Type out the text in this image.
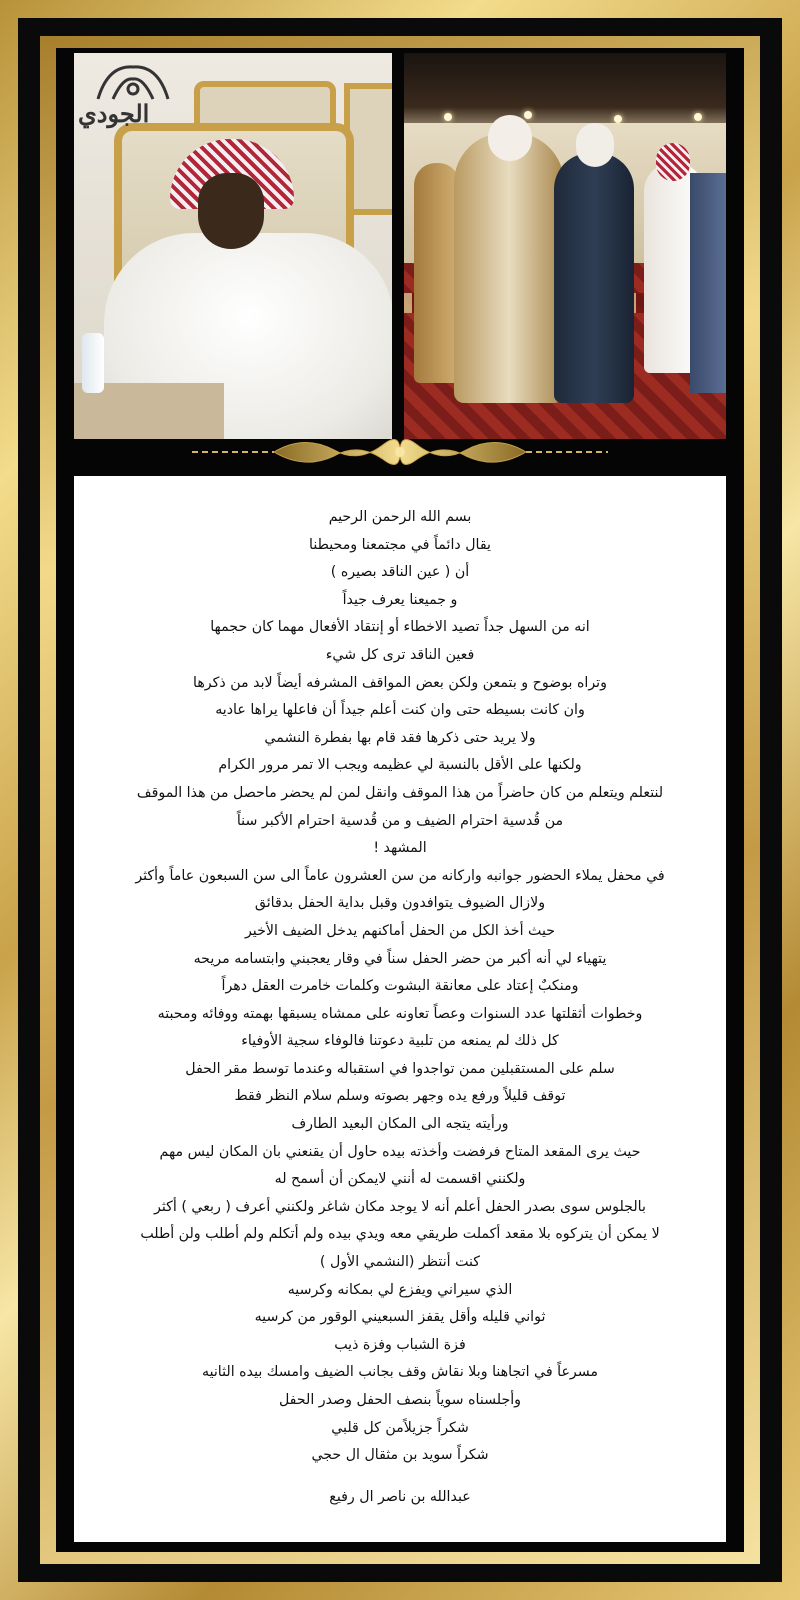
الجودي
بسم الله الرحمن الرحيم
يقال دائماً في مجتمعنا ومحيطنا
أن ( عين الناقد بصيره )
و جميعنا يعرف جيداً
انه من السهل جداً تصيد الاخطاء أو إنتقاد الأفعال مهما كان حجمها
فعين الناقد ترى كل شيء
وتراه بوضوح و بتمعن ولكن بعض المواقف المشرفه أيضاً لابد من ذكرها
وان كانت بسيطه حتى وان كنت أعلم جيداً أن فاعلها يراها عاديه
ولا يريد حتى ذكرها فقد قام بها بفطرة النشمي
ولكنها على الأقل بالنسبة لي عظيمه ويجب الا تمر مرور الكرام
لنتعلم ويتعلم من كان حاضراً من هذا الموقف وانقل لمن لم يحضر ماحصل من هذا الموقف
من قُدسية احترام الضيف و من قُدسية احترام الأكبر سناً
المشهد !
في محفل يملاء الحضور جوانبه واركانه من سن العشرون عاماً الى سن السبعون عاماً وأكثر
ولازال الضيوف يتوافدون وقبل بداية الحفل بدقائق
حيث أخذ الكل من الحفل أماكنهم يدخل الضيف الأخير
يتهياء لي أنه أكبر من حضر الحفل سناً في وقار يعجبني وابتسامه مريحه
ومنكبٌ إعتاد على معانقة البشوت وكلمات خامرت العقل دهراً
وخطوات أثقلتها عدد السنوات وعصاً تعاونه على ممشاه يسبقها بهمته ووفائه ومحبته
كل ذلك لم يمنعه من تلبية دعوتنا فالوفاء سجية الأوفياء
سلم على المستقبلين ممن تواجدوا في استقباله وعندما توسط مقر الحفل
توقف قليلاً ورفع يده وجهر بصوته وسلم سلام النظر فقط
ورأيته يتجه الى المكان البعيد الطارف
حيث يرى المقعد المتاح فرفضت وأخذته بيده حاول أن يقنعني بان المكان ليس مهم
ولكنني اقسمت له أنني لايمكن أن أسمح له
بالجلوس سوى بصدر الحفل أعلم أنه لا يوجد مكان شاغر ولكنني أعرف ( ربعي ) أكثر
لا يمكن أن يتركوه بلا مقعد أكملت طريقي معه ويدي بيده ولم أتكلم ولم أطلب ولن أطلب
كنت أنتظر (النشمي الأول )
الذي سيراني ويفزع لي بمكانه وكرسيه
ثواني قليله وأقل يقفز السبعيني الوقور من كرسيه
فزة الشباب وفزة ذيب
مسرعاً في اتجاهنا وبلا نقاش وقف بجانب الضيف وامسك بيده الثانيه
وأجلسناه سوياً بنصف الحفل وصدر الحفل
شكراً جزيلاًمن كل قلبي
شكراً سويد بن مثقال ال حجي
عبدالله بن ناصر ال رفيع
